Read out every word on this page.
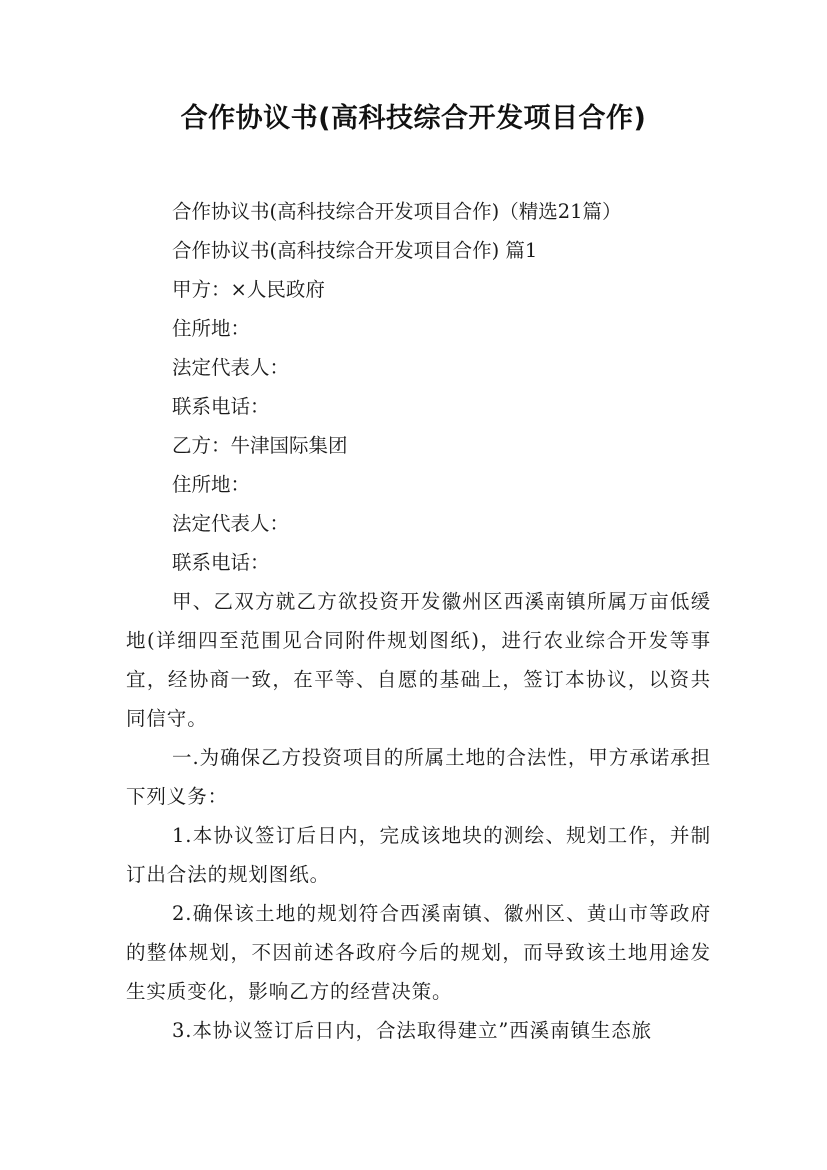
合作协议书(高科技综合开发项目合作)

合作协议书(高科技综合开发项目合作)（精选21篇）

合作协议书(高科技综合开发项目合作) 篇1

甲方：×人民政府

住所地：

法定代表人：

联系电话：

乙方：牛津国际集团

住所地：

法定代表人：

联系电话：

甲、乙双方就乙方欲投资开发徽州区西溪南镇所属万亩低缓地(详细四至范围见合同附件规划图纸)，进行农业综合开发等事宜，经协商一致，在平等、自愿的基础上，签订本协议，以资共同信守。

一.为确保乙方投资项目的所属土地的合法性，甲方承诺承担下列义务：

1.本协议签订后日内，完成该地块的测绘、规划工作，并制订出合法的规划图纸。

2.确保该土地的规划符合西溪南镇、徽州区、黄山市等政府的整体规划，不因前述各政府今后的规划，而导致该土地用途发生实质变化，影响乙方的经营决策。

3.本协议签订后日内，合法取得建立”西溪南镇生态旅
